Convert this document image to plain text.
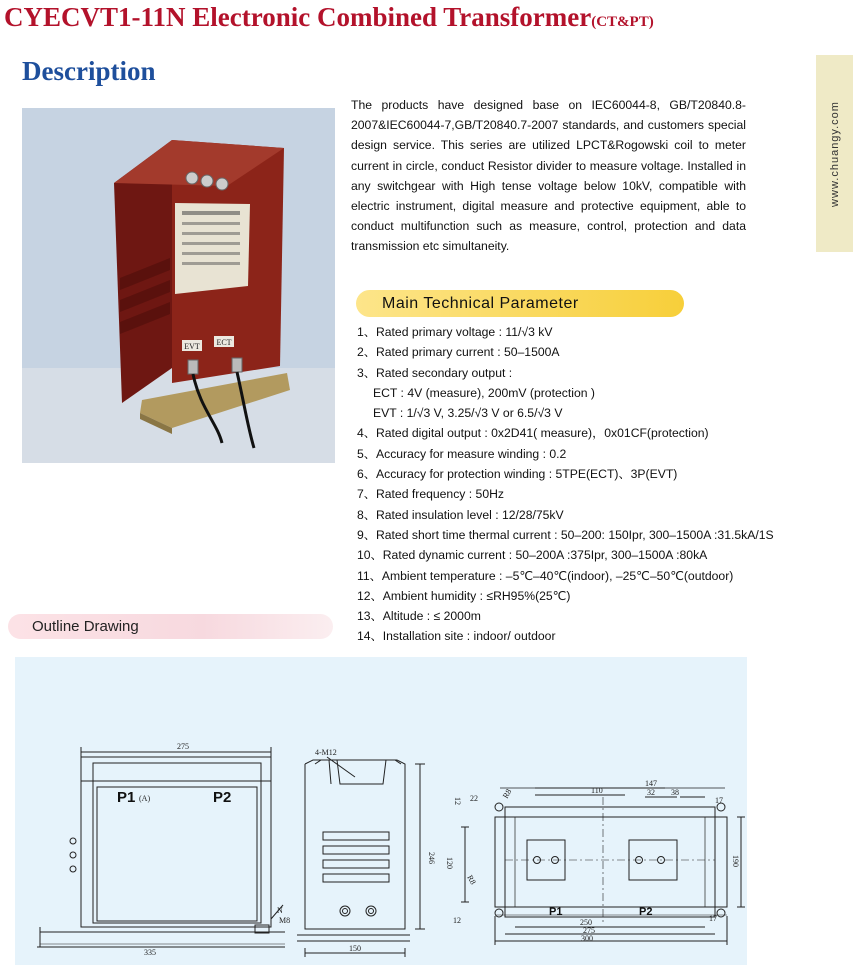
CYECVT1-11N Electronic Combined Transformer(CT&PT)
Description
www.chuangy.com
EVT ECT

The products have designed base on IEC60044-8, GB/T20840.8-2007&IEC60044-7,GB/T20840.7-2007 standards, and customers special design service. This series are utilized LPCT&Rogowski coil to meter current in circle, conduct Resistor divider to measure voltage. Installed in any switchgear with High tense voltage below 10kV, compatible with electric instrument, digital measure and protective equipment, able to conduct multifunction such as measure, control, protection and data transmission etc simultaneity.

Main Technical Parameter
1、Rated primary voltage : 11/√3 kV
2、Rated primary current : 50–1500A
3、Rated secondary output :
ECT : 4V (measure), 200mV (protection )
EVT : 1/√3 V, 3.25/√3 V or 6.5/√3 V
4、Rated digital output : 0x2D41( measure)，0x01CF(protection)
5、Accuracy for measure winding : 0.2
6、Accuracy for protection winding : 5TPE(ECT)、3P(EVT)
7、Rated frequency : 50Hz
8、Rated insulation level : 12/28/75kV
9、Rated short time thermal current : 50–200: 150Ipr, 300–1500A :31.5kA/1S
10、Rated dynamic current : 50–200A :375Ipr, 300–1500A :80kA
11、Ambient temperature : –5℃–40℃(indoor), –25℃–50℃(outdoor)
12、Ambient humidity : ≤RH95%(25℃)
13、Altitude : ≤ 2000m
14、Installation site : indoor/ outdoor
Outline Drawing
275
P1 (A)	P2
N
M8
335
4-M12
246
150
147
110	32 38
17
12 22	R8
120	190
R8
12	17
250
275
300
P1	P2
